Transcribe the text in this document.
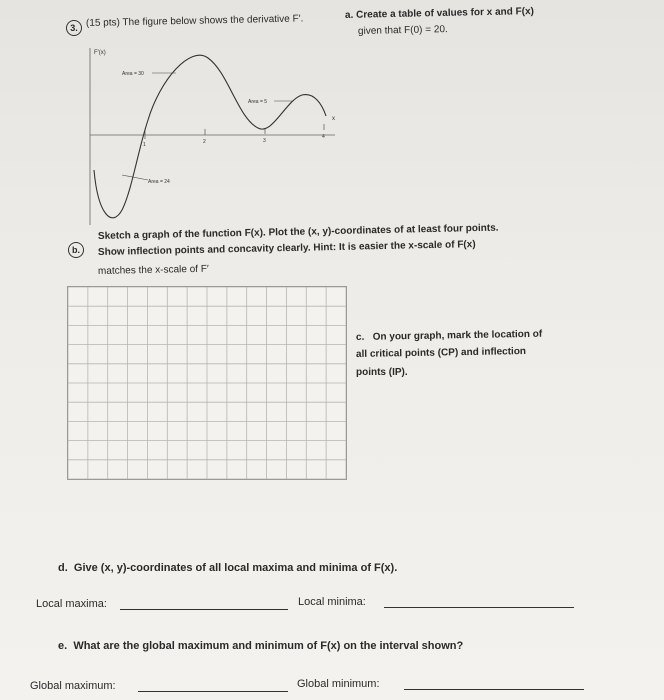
3. (15 pts) The figure below shows the derivative F′.	a. Create a table of values for x and F(x)
given that F(0) = 20.
F′(x)
Area = 30
Area = 5
Area = 24
1	2	3
4
x
b.
Sketch a graph of the function F(x). Plot the (x, y)-coordinates of at least four points.
Show inflection points and concavity clearly. Hint: It is easier the x-scale of F(x)
matches the x-scale of F′
c. On your graph, mark the location of
all critical points (CP) and inflection
points (IP).
d. Give (x, y)-coordinates of all local maxima and minima of F(x).
Local maxima:	Local minima:
e. What are the global maximum and minimum of F(x) on the interval shown?
Global maximum:	Global minimum:
